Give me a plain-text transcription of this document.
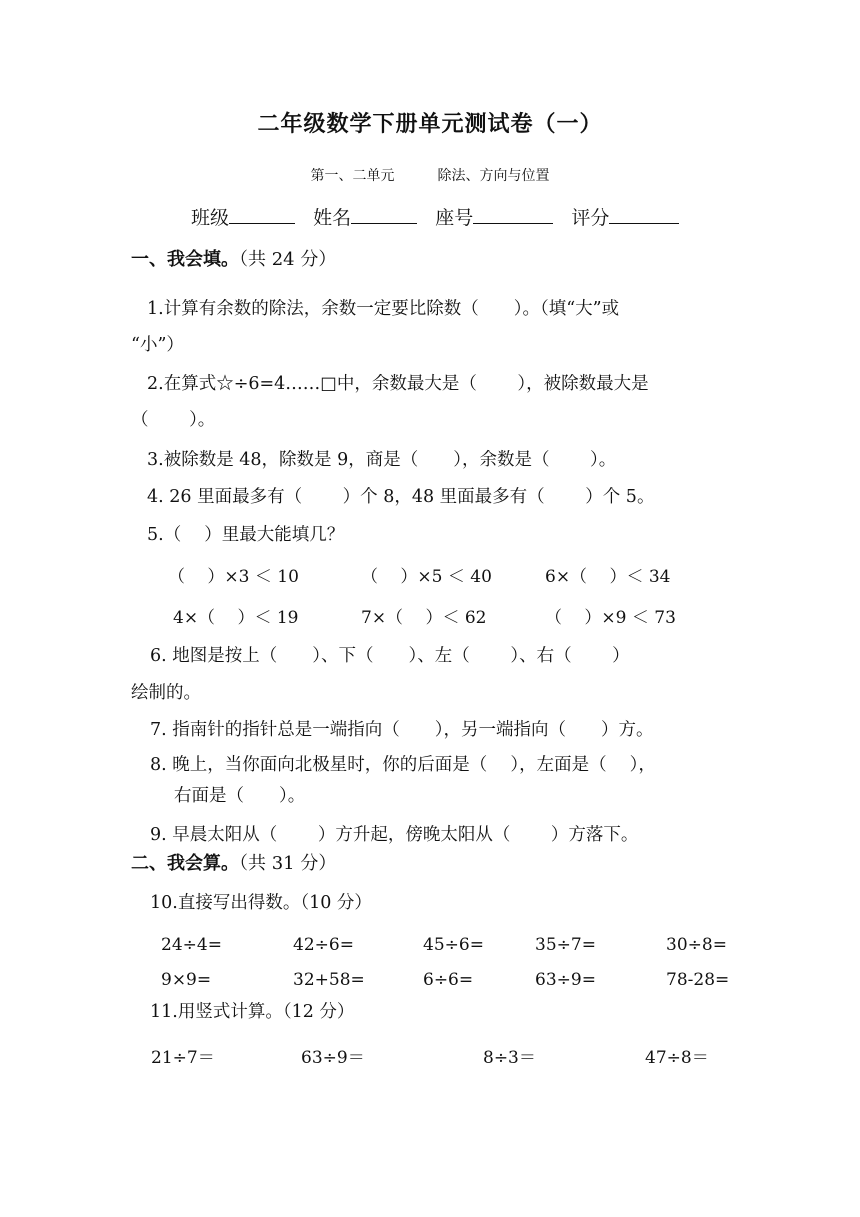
二年级数学下册单元测试卷（一）
第一、二单元	除法、方向与位置
班级	姓名	座号	评分
一、我会填。（共 24 分）
1.计算有余数的除法，余数一定要比除数（　　）。（填“大”或
“小”）
2.在算式☆÷6=4……□中，余数最大是（　　 ），被除数最大是
（　　 ）。
3.被除数是 48，除数是 9，商是（　　），余数是（　　 ）。
4. 26 里面最多有（　　 ）个 8，48 里面最多有（　　 ）个 5。
5.（　 ）里最大能填几？
（　 ）×3 ＜ 10	（　 ）×5 ＜ 40	6×（　 ）＜ 34
4×（　 ）＜ 19	7×（　 ）＜ 62	（　 ）×9 ＜ 73
6. 地图是按上（　　）、下（　　）、左（　　 ）、右（　　 ）
绘制的。
7. 指南针的指针总是一端指向（　　），另一端指向（　　）方。
8. 晚上，当你面向北极星时，你的后面是（　 ），左面是（　 ），
右面是（　　）。
9. 早晨太阳从（　　 ）方升起，傍晚太阳从（　　 ）方落下。
二、我会算。（共 31 分）
10.直接写出得数。（10 分）
24÷4=	42÷6=	45÷6=	35÷7=	30÷8=
9×9=	32+58=	6÷6=	63÷9=	78-28=
11.用竖式计算。（12 分）
21÷7＝	63÷9＝	8÷3＝	47÷8＝
